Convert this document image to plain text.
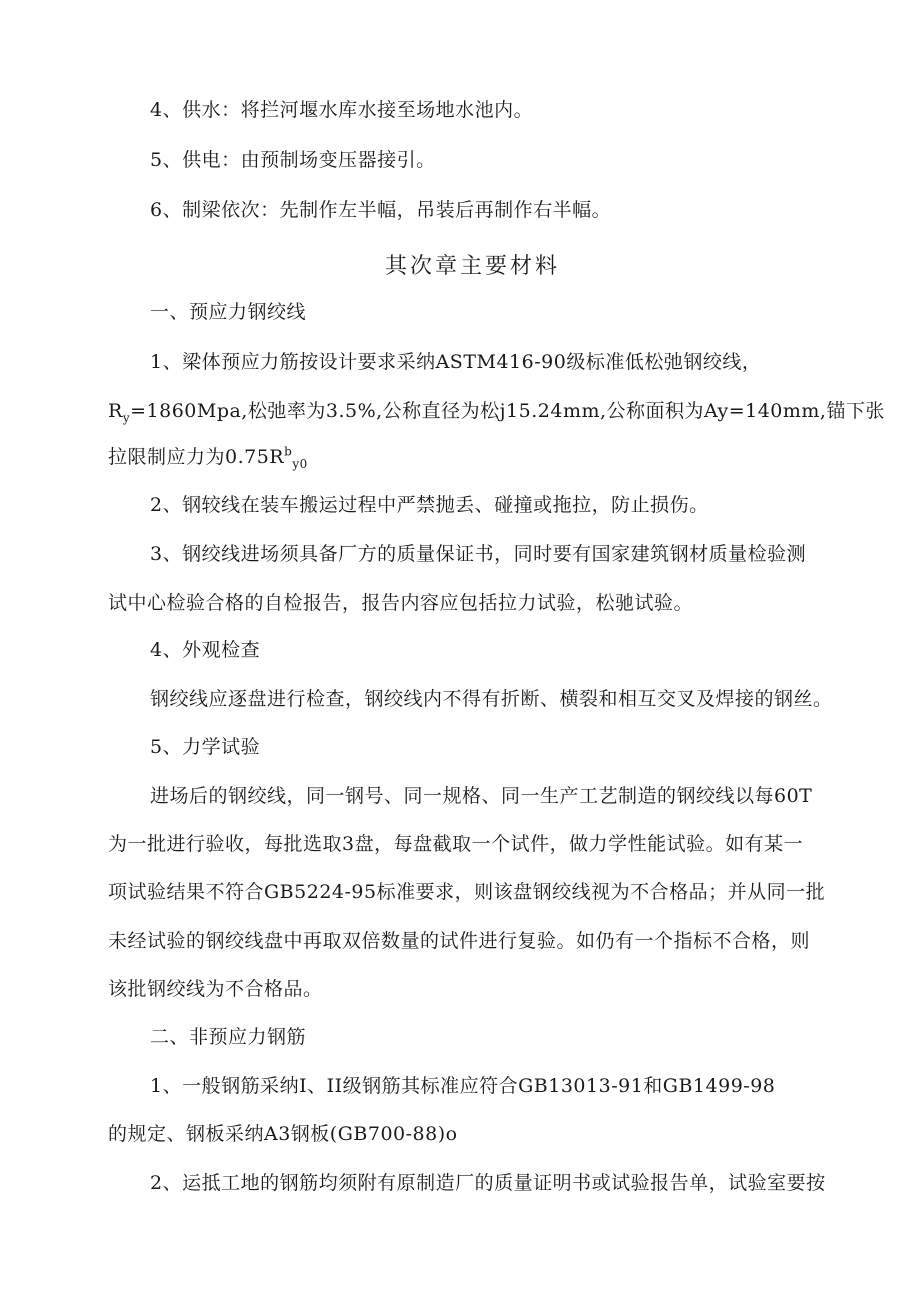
4、供水：将拦河堰水库水接至场地水池内。
5、供电：由预制场变压器接引。
6、制梁依次：先制作左半幅，吊装后再制作右半幅。
其次章主要材料
一、预应力钢绞线
1、梁体预应力筋按设计要求采纳ASTM416-90级标准低松弛钢绞线，
$R_y=1860Mpa$,松弛率为3.5%,公称直径为松j15.24mm,公称面积为Ay=140mm,锚下张
拉限制应力为$0.75R^b_{y0}$
2、钢较线在装车搬运过程中严禁抛丢、碰撞或拖拉，防止损伤。
3、钢绞线进场须具备厂方的质量保证书，同时要有国家建筑钢材质量检验测
试中心检验合格的自检报告，报告内容应包括拉力试验，松驰试验。
4、外观检查
钢绞线应逐盘进行检查，钢绞线内不得有折断、横裂和相互交叉及焊接的钢丝。
5、力学试验
进场后的钢绞线，同一钢号、同一规格、同一生产工艺制造的钢绞线以每60T
为一批进行验收，每批选取3盘，每盘截取一个试件，做力学性能试验。如有某一
项试验结果不符合GB5224-95标准要求，则该盘钢绞线视为不合格品；并从同一批
未经试验的钢绞线盘中再取双倍数量的试件进行复验。如仍有一个指标不合格，则
该批钢绞线为不合格品。
二、非预应力钢筋
1、一般钢筋采纳I、II级钢筋其标准应符合GB13013-91和GB1499-98
的规定、钢板采纳A3钢板(GB700-88)o
2、运抵工地的钢筋均须附有原制造厂的质量证明书或试验报告单，试验室要按
